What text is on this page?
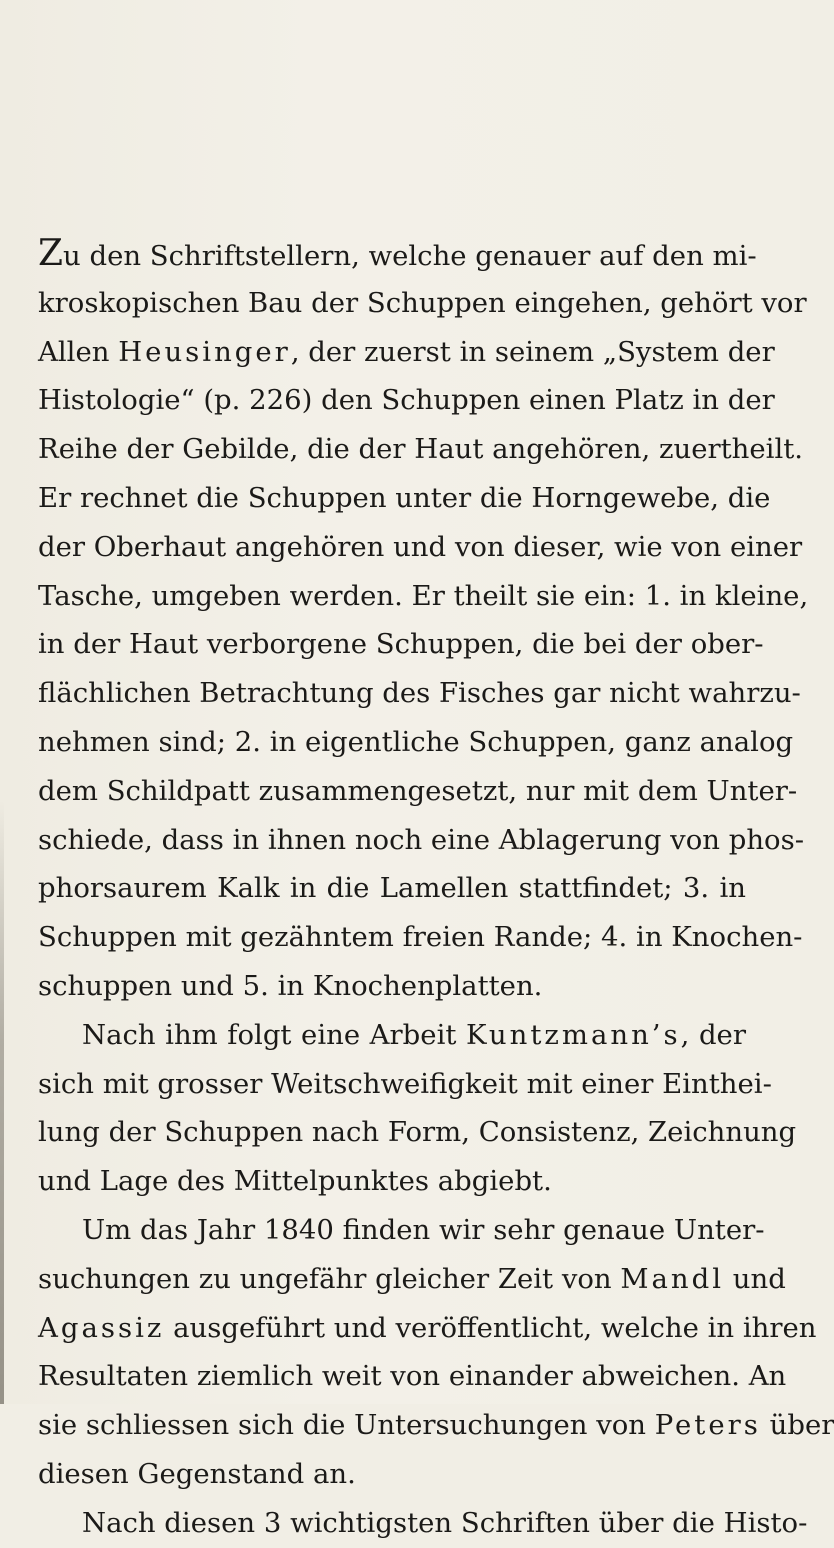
Zu den Schriftstellern, welche genauer auf den mi-
kroskopischen Bau der Schuppen eingehen, gehört vor
Allen Heusinger, der zuerst in seinem „System der
Histologie“ (p. 226) den Schuppen einen Platz in der
Reihe der Gebilde, die der Haut angehören, zuertheilt.
Er rechnet die Schuppen unter die Horngewebe, die
der Oberhaut angehören und von dieser, wie von einer
Tasche, umgeben werden. Er theilt sie ein: 1. in kleine,
in der Haut verborgene Schuppen, die bei der ober-
flächlichen Betrachtung des Fisches gar nicht wahrzu-
nehmen sind; 2. in eigentliche Schuppen, ganz analog
dem Schildpatt zusammengesetzt, nur mit dem Unter-
schiede, dass in ihnen noch eine Ablagerung von phos-
phorsaurem Kalk in die Lamellen stattfindet; 3. in
Schuppen mit gezähntem freien Rande; 4. in Knochen-
schuppen und 5. in Knochenplatten.
Nach ihm folgt eine Arbeit Kuntzmann’s, der
sich mit grosser Weitschweifigkeit mit einer Einthei-
lung der Schuppen nach Form, Consistenz, Zeichnung
und Lage des Mittelpunktes abgiebt.
Um das Jahr 1840 finden wir sehr genaue Unter-
suchungen zu ungefähr gleicher Zeit von Mandl und
Agassiz ausgeführt und veröffentlicht, welche in ihren
Resultaten ziemlich weit von einander abweichen. An
sie schliessen sich die Untersuchungen von Peters über
diesen Gegenstand an.
Nach diesen 3 wichtigsten Schriften über die Histo-
